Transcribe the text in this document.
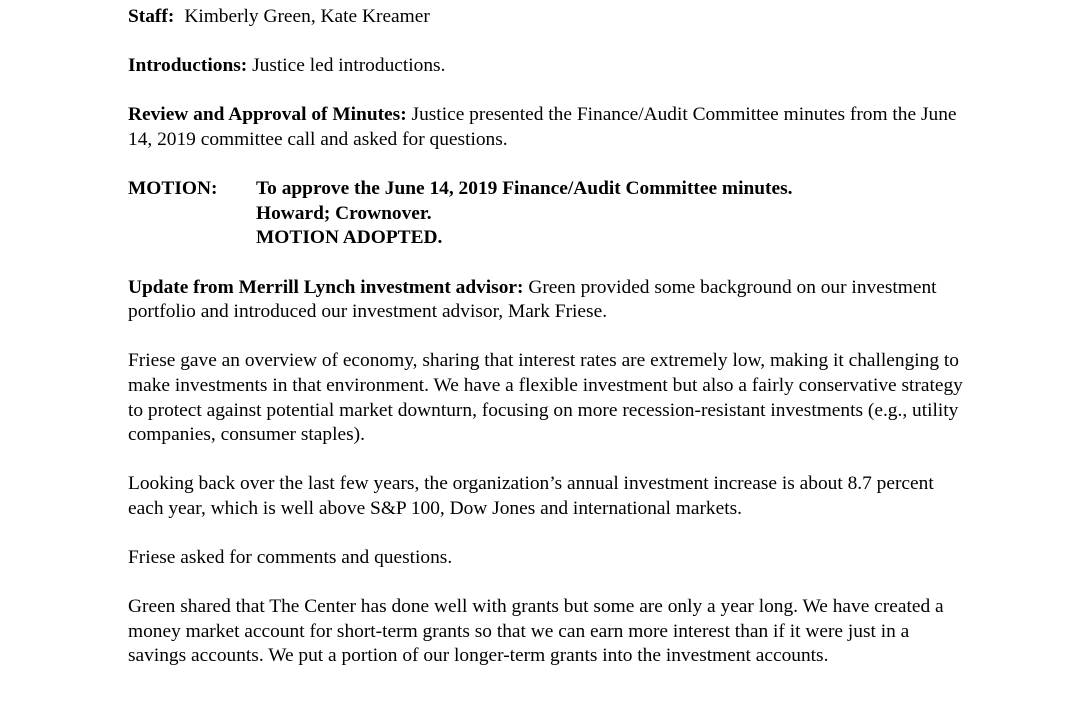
Staff: Kimberly Green, Kate Kreamer

Introductions: Justice led introductions.

Review and Approval of Minutes: Justice presented the Finance/Audit Committee minutes from the June 14, 2019 committee call and asked for questions.

MOTION:	To approve the June 14, 2019 Finance/Audit Committee minutes.
Howard; Crownover.
MOTION ADOPTED.

Update from Merrill Lynch investment advisor: Green provided some background on our investment portfolio and introduced our investment advisor, Mark Friese.

Friese gave an overview of economy, sharing that interest rates are extremely low, making it challenging to make investments in that environment. We have a flexible investment but also a fairly conservative strategy to protect against potential market downturn, focusing on more recession-resistant investments (e.g., utility companies, consumer staples).

Looking back over the last few years, the organization’s annual investment increase is about 8.7 percent each year, which is well above S&P 100, Dow Jones and international markets.

Friese asked for comments and questions.

Green shared that The Center has done well with grants but some are only a year long. We have created a money market account for short-term grants so that we can earn more interest than if it were just in a savings accounts. We put a portion of our longer-term grants into the investment accounts.
